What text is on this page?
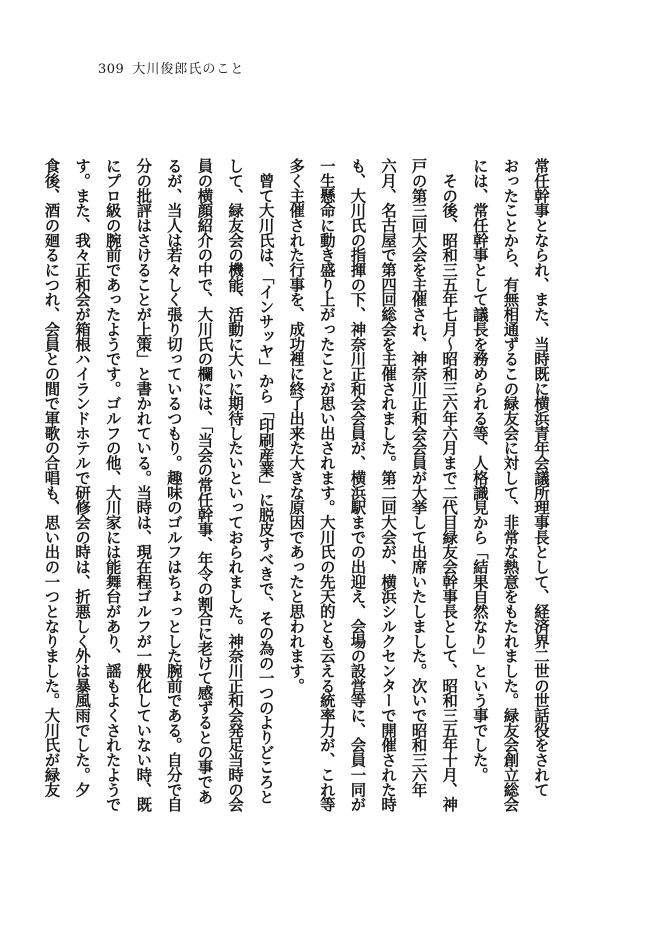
309 大川俊郎氏のこと

常任幹事となられ、また、当時既に横浜青年会議所理事長として、経済界二世の世話役をされて
おったことから、有無相通ずるこの緑友会に対して、非常な熱意をもたれました。緑友会創立総会
には、常任幹事として議長を務められる等、人格識見から「結果自然なり」という事でした。

　その後、昭和三五年七月～昭和三六年六月まで二代目緑友会幹事長として、昭和三五年十月、神
戸の第三回大会を主催され、神奈川正和会会員が大挙して出席いたしました。次いで昭和三六年
六月、名古屋で第四回総会を主催されました。第二回大会が、横浜シルクセンターで開催された時
も、大川氏の指揮の下、神奈川正和会会員が、横浜駅までの出迎え、会場の設営等に、会員一同が
一生懸命に動き盛り上がったことが思い出されます。大川氏の先天的とも云える統率力が、これ等
多く主催された行事を、成功裡に終了出来た大きな原因であったと思われます。

　曾て大川氏は、「インサッヤ」から「印刷産業」に脱皮すべきで、その為の一つのよりどころと
して、緑友会の機能、活動に大いに期待したいといっておられました。神奈川正和会発足当時の会
員の横顔紹介の中で、大川氏の欄には、「当会の常任幹事、年令の割合に老けて感ずるとの事であ
るが、当人は若々しく張り切っているつもり。趣味のゴルフはちょっとした腕前である。自分で自
分の批評はさけることが上策」と書かれている。当時は、現在程ゴルフが一般化していない時、既
にプロ級の腕前であったようです。ゴルフの他、大川家には能舞台があり、謡もよくされたようで
す。また、我々正和会が箱根ハイランドホテルで研修会の時は、折悪しく外は暴風雨でした。夕
食後、酒の廻るにつれ、会員との間で軍歌の合唱も、思い出の一つとなりました。大川氏が緑友
